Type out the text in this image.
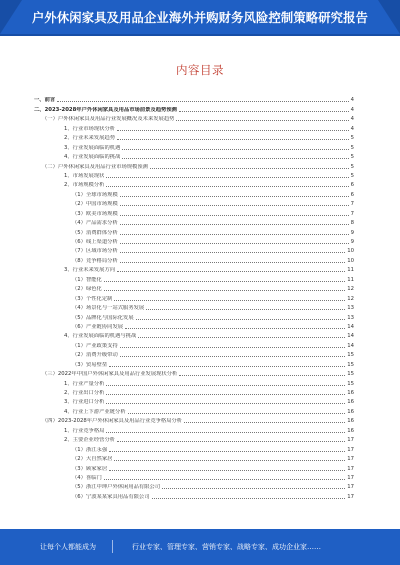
户外休闲家具及用品企业海外并购财务风险控制策略研究报告
内容目录
一、前言	4
二、2023-2028年户外休闲家具及用品市场前景及趋势预测	4
（一）户外休闲家具及用品行业发展概况及未来发展趋势	4
1、行业市场现状分析	4
2、行业未来发展趋势	5
3、行业发展面临的机遇	5
4、行业发展面临的挑战	5
（二）户外休闲家具及用品行业市场规模预测	5
1、市场发展现状	5
2、市场规模分析	6
（1）全球市场规模	6
（2）中国市场规模	7
（3）欧美市场规模	7
（4）产品需求分析	8
（5）消费群体分析	9
（6）线上渠道分析	9
（7）区域市场分析	10
（8）竞争格局分析	10
3、行业未来发展方向	11
（1）智能化	11
（2）绿色化	12
（3）个性化定制	12
（4）场景化与一站式服务发展	13
（5）品牌化与国际化发展	13
（6）产业链协同发展	14
4、行业发展面临的机遇与挑战	14
（1）产业政策支持	14
（2）消费升级带动	15
（3）贸易壁垒	15
（三）2022年中国户外休闲家具及用品行业发展现状分析	15
1、行业产量分析	15
2、行业出口分析	16
3、行业进口分析	16
4、行业上下游产业链分析	16
（四）2023-2028年户外休闲家具及用品行业竞争格局分析	16
1、行业竞争格局	16
2、主要企业经营分析	17
（1）浙江永强	17
（2）大自然家居	17
（3）顾家家居	17
（4）喜临门	17
（5）浙江中坤户外休闲用品有限公司	17
（6）宁波某某家具用品有限公司	17
让每个人都能成为	行业专家、管理专家、营销专家、战略专家、成功企业家……
